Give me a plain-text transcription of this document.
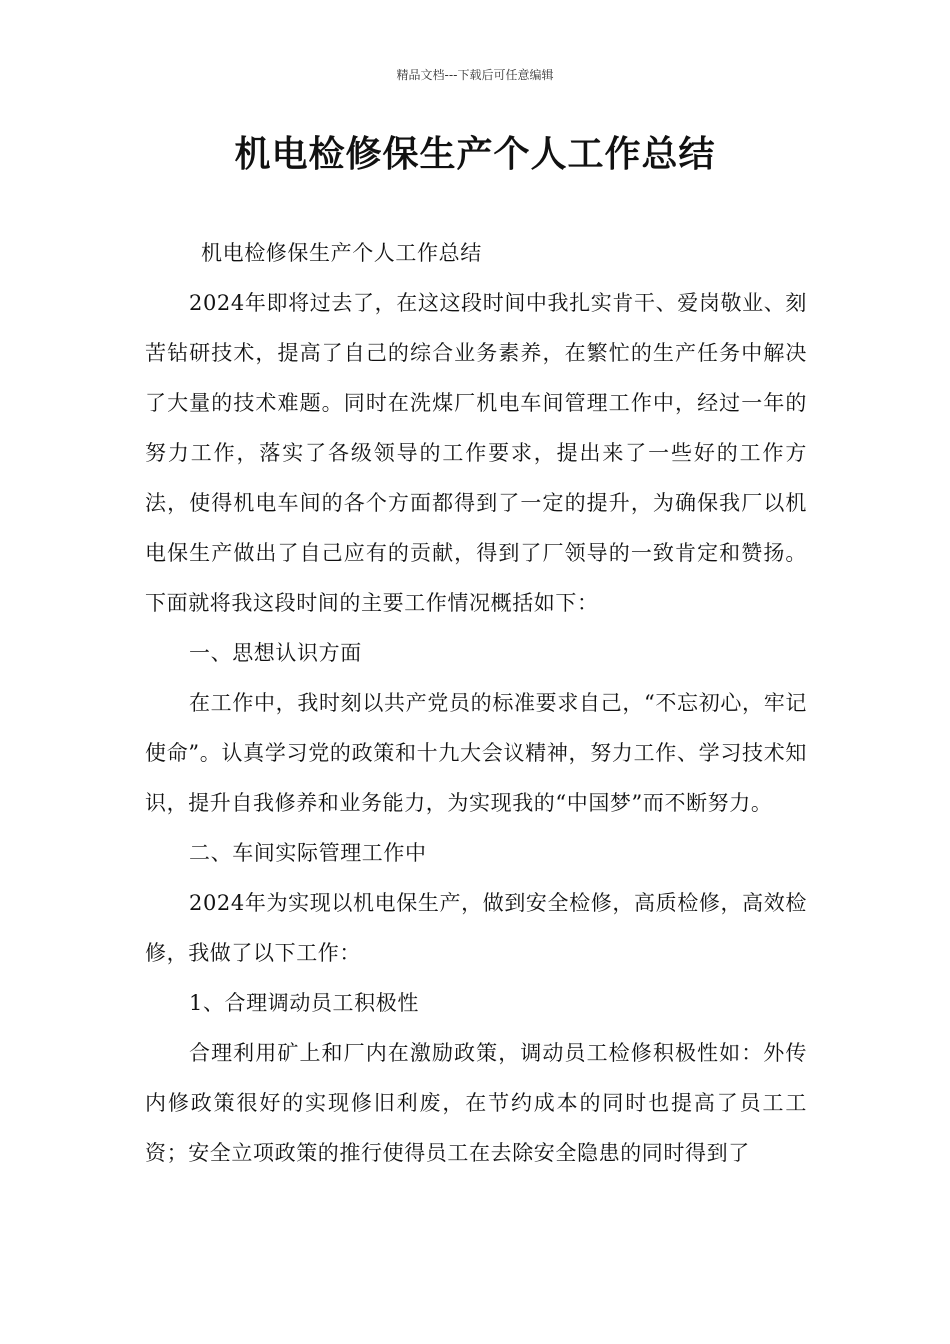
精品文档---下载后可任意编辑
机电检修保生产个人工作总结

机电检修保生产个人工作总结

2024年即将过去了，在这这段时间中我扎实肯干、爱岗敬业、刻苦钻研技术，提高了自己的综合业务素养，在繁忙的生产任务中解决了大量的技术难题。同时在洗煤厂机电车间管理工作中，经过一年的努力工作，落实了各级领导的工作要求，提出来了一些好的工作方法，使得机电车间的各个方面都得到了一定的提升，为确保我厂以机电保生产做出了自己应有的贡献，得到了厂领导的一致肯定和赞扬。下面就将我这段时间的主要工作情况概括如下：

一、思想认识方面

在工作中，我时刻以共产党员的标准要求自己，“不忘初心，牢记使命”。认真学习党的政策和十九大会议精神，努力工作、学习技术知识，提升自我修养和业务能力，为实现我的“中国梦”而不断努力。

二、车间实际管理工作中

2024年为实现以机电保生产，做到安全检修，高质检修，高效检修，我做了以下工作：

1、合理调动员工积极性

合理利用矿上和厂内在激励政策，调动员工检修积极性如：外传内修政策很好的实现修旧利废，在节约成本的同时也提高了员工工资；安全立项政策的推行使得员工在去除安全隐患的同时得到了
